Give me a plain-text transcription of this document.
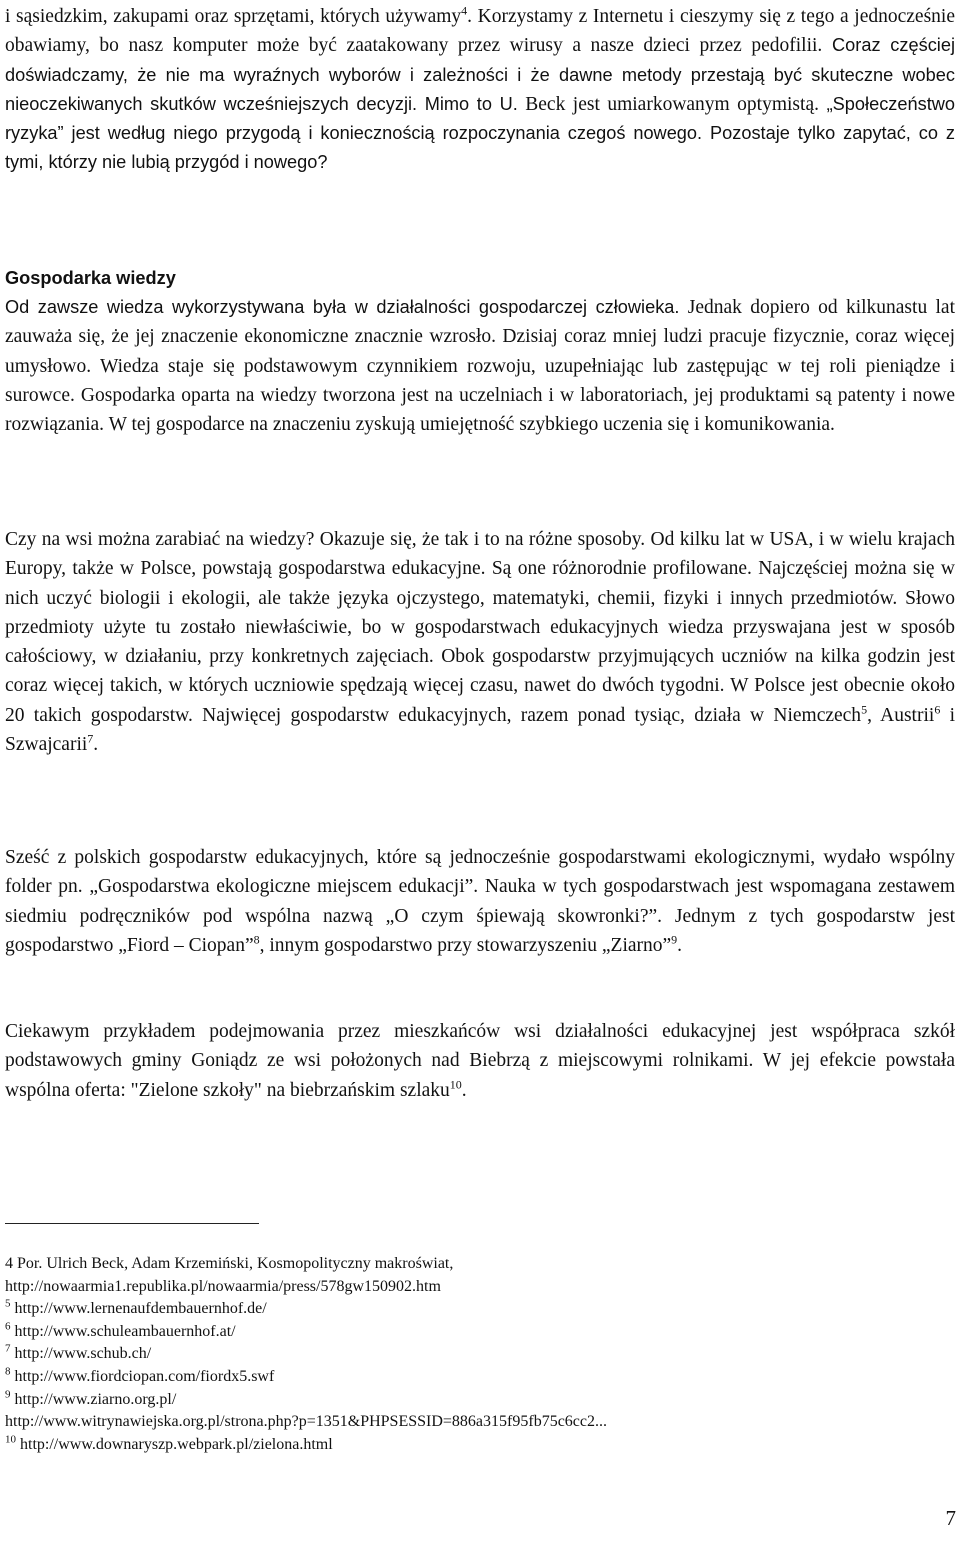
i sąsiedzkim, zakupami oraz sprzętami, których używamy$^4$. Korzystamy z Internetu i cieszymy się z tego a jednocześnie obawiamy, bo nasz komputer może być zaatakowany przez wirusy a nasze dzieci przez pedofilii. Coraz częściej doświadczamy, że nie ma wyraźnych wyborów i zależności i że dawne metody przestają być skuteczne wobec nieoczekiwanych skutków wcześniejszych decyzji. Mimo to U. Beck jest umiarkowanym optymistą. „Społeczeństwo ryzyka” jest według niego przygodą i koniecznością rozpoczynania czegoś nowego. Pozostaje tylko zapytać, co z tymi, którzy nie lubią przygód i nowego?

Gospodarka wiedzy

Od zawsze wiedza wykorzystywana była w działalności gospodarczej człowieka. Jednak dopiero od kilkunastu lat zauważa się, że jej znaczenie ekonomiczne znacznie wzrosło. Dzisiaj coraz mniej ludzi pracuje fizycznie, coraz więcej umysłowo. Wiedza staje się podstawowym czynnikiem rozwoju, uzupełniając lub zastępując w tej roli pieniądze i surowce. Gospodarka oparta na wiedzy tworzona jest na uczelniach i w laboratoriach, jej produktami są patenty i nowe rozwiązania. W tej gospodarce na znaczeniu zyskują umiejętność szybkiego uczenia się i komunikowania.

Czy na wsi można zarabiać na wiedzy? Okazuje się, że tak i to na różne sposoby. Od kilku lat w USA, i w wielu krajach Europy, także w Polsce, powstają gospodarstwa edukacyjne. Są one różnorodnie profilowane. Najczęściej można się w nich uczyć biologii i ekologii, ale także języka ojczystego, matematyki, chemii, fizyki i innych przedmiotów. Słowo przedmioty użyte tu zostało niewłaściwie, bo w gospodarstwach edukacyjnych wiedza przyswajana jest w sposób całościowy, w działaniu, przy konkretnych zajęciach. Obok gospodarstw przyjmujących uczniów na kilka godzin jest coraz więcej takich, w których uczniowie spędzają więcej czasu, nawet do dwóch tygodni. W Polsce jest obecnie około 20 takich gospodarstw. Najwięcej gospodarstw edukacyjnych, razem ponad tysiąc, działa w Niemczech$^5$, Austrii$^6$ i Szwajcarii$^7$.

Sześć z polskich gospodarstw edukacyjnych, które są jednocześnie gospodarstwami ekologicznymi, wydało wspólny folder pn. „Gospodarstwa ekologiczne miejscem edukacji”. Nauka w tych gospodarstwach jest wspomagana zestawem siedmiu podręczników pod wspólna nazwą „O czym śpiewają skowronki?”. Jednym z tych gospodarstw jest gospodarstwo „Fiord – Ciopan”$^8$, innym gospodarstwo przy stowarzyszeniu „Ziarno”$^9$.

Ciekawym przykładem podejmowania przez mieszkańców wsi działalności edukacyjnej jest współpraca szkół podstawowych gminy Goniądz ze wsi położonych nad Biebrzą z miejscowymi rolnikami. W jej efekcie powstała wspólna oferta: "Zielone szkoły" na biebrzańskim szlaku$^{10}$.

4 Por. Ulrich Beck, Adam Krzemiński, Kosmopolityczny makroświat,
http://nowaarmia1.republika.pl/nowaarmia/press/578gw150902.htm
$^5$ http://www.lernenaufdembauernhof.de/
$^6$ http://www.schuleambauernhof.at/
$^7$ http://www.schub.ch/
$^8$ http://www.fiordciopan.com/fiordx5.swf
$^9$ http://www.ziarno.org.pl/
http://www.witrynawiejska.org.pl/strona.php?p=1351&PHPSESSID=886a315f95fb75c6cc2...
$^{10}$ http://www.downaryszp.webpark.pl/zielona.html
7
